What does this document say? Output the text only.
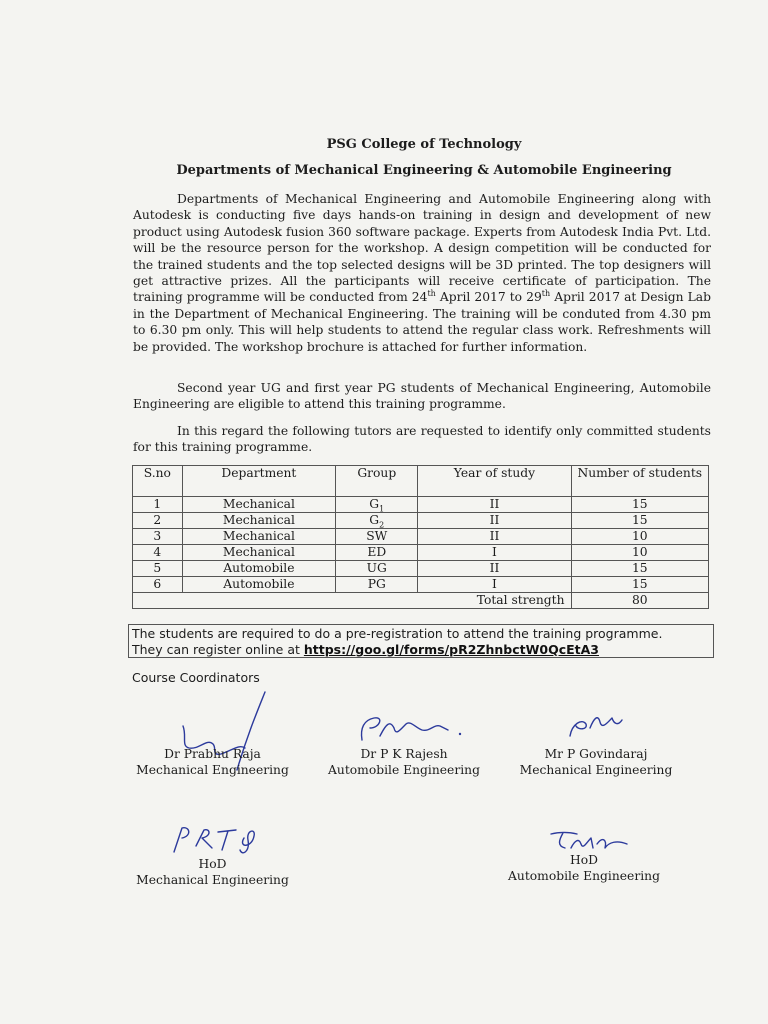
PSG College of Technology
Departments of Mechanical Engineering & Automobile Engineering
Departments of Mechanical Engineering and Automobile Engineering along with Autodesk is conducting five days hands-on training in design and development of new product using Autodesk fusion 360 software package. Experts from Autodesk India Pvt. Ltd. will be the resource person for the workshop. A design competition will be conducted for the trained students and the top selected designs will be 3D printed. The top designers will get attractive prizes. All the participants will receive certificate of participation. The training programme will be conducted from 24th April 2017 to 29th April 2017 at Design Lab in the Department of Mechanical Engineering. The training will be conduted from 4.30 pm to 6.30 pm only. This will help students to attend the regular class work. Refreshments will be provided. The workshop brochure is attached for further information.
Second year UG and first year PG students of Mechanical Engineering, Automobile Engineering are eligible to attend this training programme.
In this regard the following tutors are requested to identify only committed students for this training programme.
S.no	Department	Group	Year of study	Number of students
1	Mechanical	$G_1$	II	15
2	Mechanical	$G_2$	II	15
3	Mechanical	SW	II	10
4	Mechanical	ED	I	10
5	Automobile	UG	II	15
6	Automobile	PG	I	15
			Total strength	80
The students are required to do a pre-registration to attend the training programme.
They can register online at https://goo.gl/forms/pR2ZhnbctW0QcEtA3
Course Coordinators
Dr Prabhu Raja
Mechanical Engineering
Dr P K Rajesh
Automobile Engineering
Mr P Govindaraj
Mechanical Engineering
HoD
Mechanical Engineering
HoD
Automobile Engineering
